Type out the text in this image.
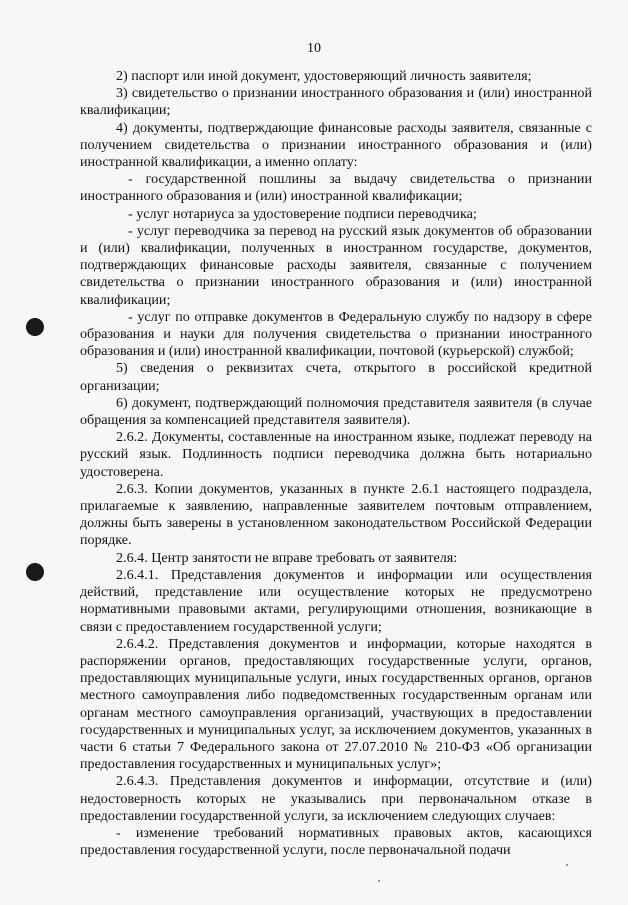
10

2) паспорт или иной документ, удостоверяющий личность заявителя;

3) свидетельство о признании иностранного образования и (или) иностранной квалификации;

4) документы, подтверждающие финансовые расходы заявителя, связанные с получением свидетельства о признании иностранного образования и (или) иностранной квалификации, а именно оплату:

- государственной пошлины за выдачу свидетельства о признании иностранного образования и (или) иностранной квалификации;

- услуг нотариуса за удостоверение подписи переводчика;

- услуг переводчика за перевод на русский язык документов об образовании и (или) квалификации, полученных в иностранном государстве, документов, подтверждающих финансовые расходы заявителя, связанные с получением свидетельства о признании иностранного образования и (или) иностранной квалификации;

- услуг по отправке документов в Федеральную службу по надзору в сфере образования и науки для получения свидетельства о признании иностранного образования и (или) иностранной квалификации, почтовой (курьерской) службой;

5) сведения о реквизитах счета, открытого в российской кредитной организации;

6) документ, подтверждающий полномочия представителя заявителя (в случае обращения за компенсацией представителя заявителя).

2.6.2. Документы, составленные на иностранном языке, подлежат переводу на русский язык. Подлинность подписи переводчика должна быть нотариально удостоверена.

2.6.3. Копии документов, указанных в пункте 2.6.1 настоящего подраздела, прилагаемые к заявлению, направленные заявителем почтовым отправлением, должны быть заверены в установленном законодательством Российской Федерации порядке.

2.6.4. Центр занятости не вправе требовать от заявителя:

2.6.4.1. Представления документов и информации или осуществления действий, представление или осуществление которых не предусмотрено нормативными правовыми актами, регулирующими отношения, возникающие в связи с предоставлением государственной услуги;

2.6.4.2. Представления документов и информации, которые находятся в распоряжении органов, предоставляющих государственные услуги, органов, предоставляющих муниципальные услуги, иных государственных органов, органов местного самоуправления либо подведомственных государственным органам или органам местного самоуправления организаций, участвующих в предоставлении государственных и муниципальных услуг, за исключением документов, указанных в части 6 статьи 7 Федерального закона от 27.07.2010 № 210-ФЗ «Об организации предоставления государственных и муниципальных услуг»;

2.6.4.3. Представления документов и информации, отсутствие и (или) недостоверность которых не указывались при первоначальном отказе в предоставлении государственной услуги, за исключением следующих случаев:

- изменение требований нормативных правовых актов, касающихся предоставления государственной услуги, после первоначальной подачи
